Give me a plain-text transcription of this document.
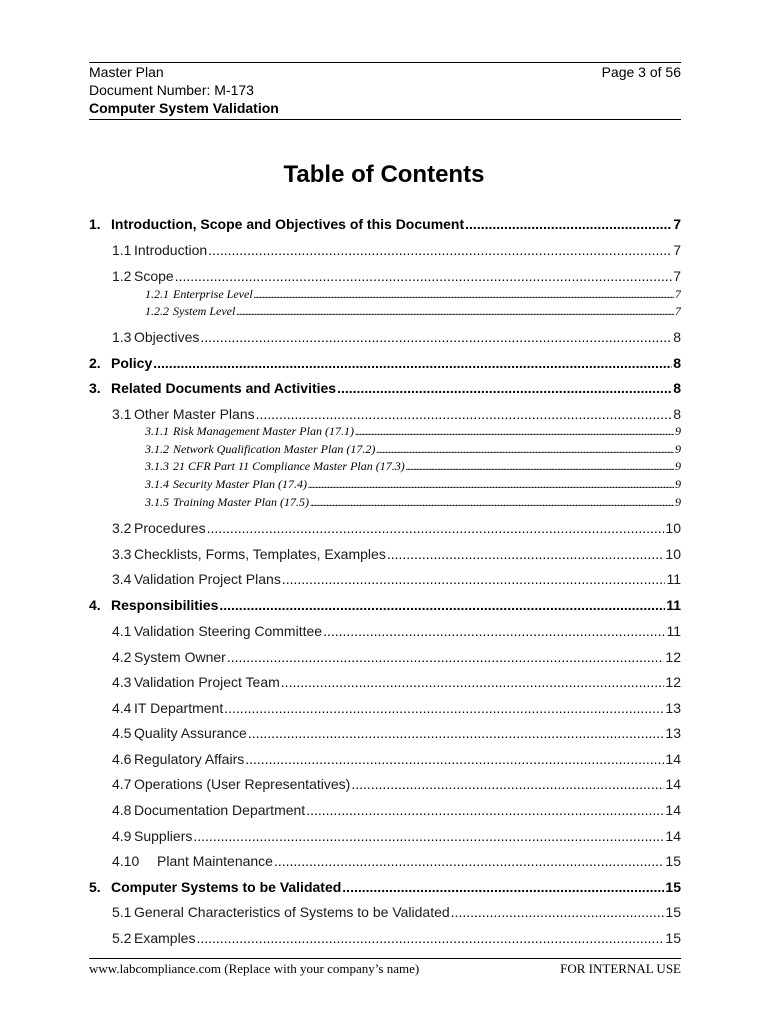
Master Plan	Page 3 of 56
Document Number: M-173
Computer System Validation
Table of Contents
1. Introduction, Scope and Objectives of this Document .....	7
1.1 Introduction .....	7
1.2 Scope .....	7
1.2.1 Enterprise Level .....	7
1.2.2 System Level .....	7
1.3 Objectives .....	8
2. Policy .....	8
3. Related Documents and Activities .....	8
3.1 Other Master Plans .....	8
3.1.1 Risk Management Master Plan (17.1) .....	9
3.1.2 Network Qualification Master Plan (17.2) .....	9
3.1.3 21 CFR Part 11 Compliance Master Plan (17.3) .....	9
3.1.4 Security Master Plan (17.4) .....	9
3.1.5 Training Master Plan (17.5) .....	9
3.2 Procedures .....	10
3.3 Checklists, Forms, Templates, Examples .....	10
3.4 Validation Project Plans .....	11
4. Responsibilities .....	11
4.1 Validation Steering Committee .....	11
4.2 System Owner .....	12
4.3 Validation Project Team .....	12
4.4 IT Department .....	13
4.5 Quality Assurance .....	13
4.6 Regulatory Affairs .....	14
4.7 Operations (User Representatives) .....	14
4.8 Documentation Department .....	14
4.9 Suppliers .....	14
4.10	Plant Maintenance .....	15
5. Computer Systems to be Validated .....	15
5.1 General Characteristics of Systems to be Validated .....	15
5.2 Examples .....	15
www.labcompliance.com (Replace with your company’s name)	FOR INTERNAL USE
